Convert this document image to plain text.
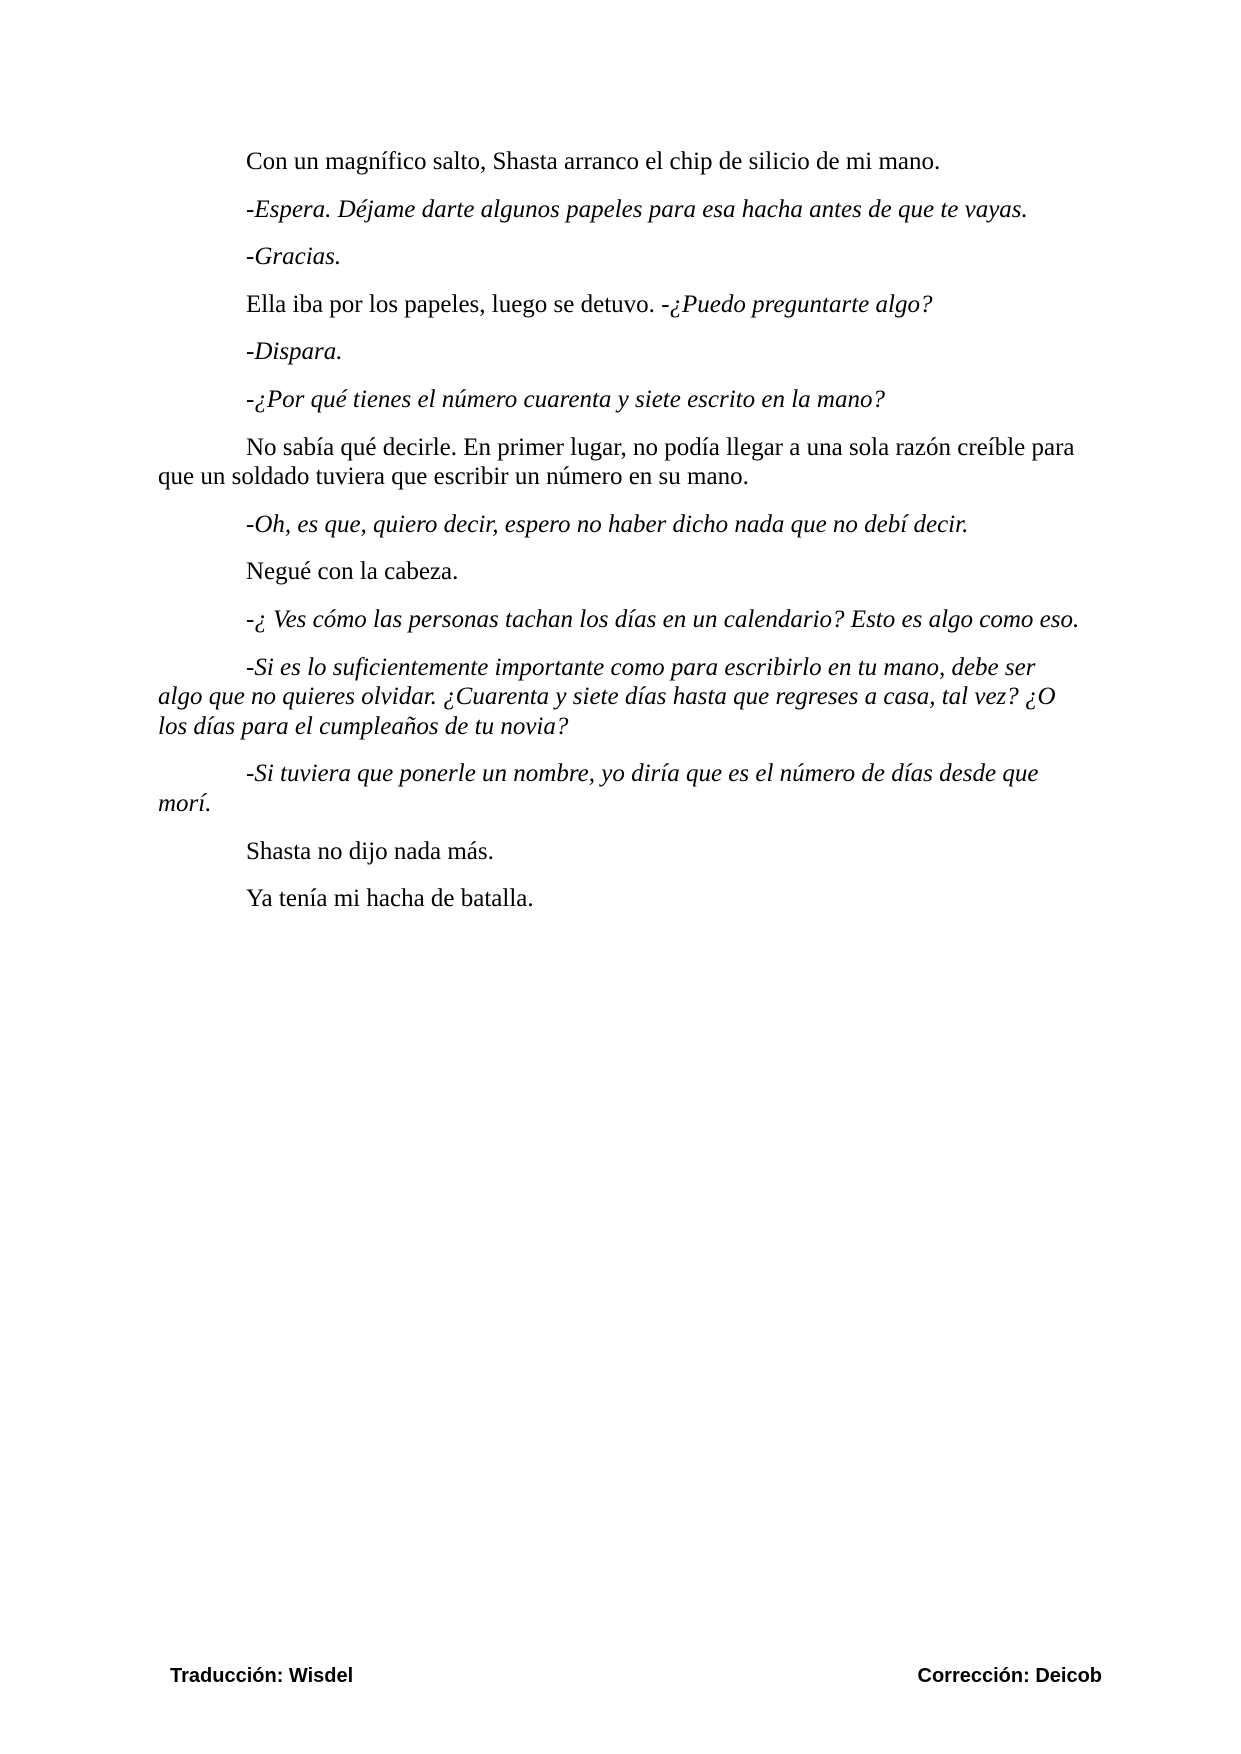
Con un magnífico salto, Shasta arranco el chip de silicio de mi mano.

-Espera. Déjame darte algunos papeles para esa hacha antes de que te vayas.

-Gracias.

Ella iba por los papeles, luego se detuvo. -¿Puedo preguntarte algo?

-Dispara.

-¿Por qué tienes el número cuarenta y siete escrito en la mano?

No sabía qué decirle. En primer lugar, no podía llegar a una sola razón creíble para que un soldado tuviera que escribir un número en su mano.

-Oh, es que, quiero decir, espero no haber dicho nada que no debí decir.

Negué con la cabeza.

-¿ Ves cómo las personas tachan los días en un calendario? Esto es algo como eso.

-Si es lo suficientemente importante como para escribirlo en tu mano, debe ser algo que no quieres olvidar. ¿Cuarenta y siete días hasta que regreses a casa, tal vez? ¿O los días para el cumpleaños de tu novia?

-Si tuviera que ponerle un nombre, yo diría que es el número de días desde que morí.

Shasta no dijo nada más.

Ya tenía mi hacha de batalla.

Traducción: Wisdel	Corrección: Deicob
